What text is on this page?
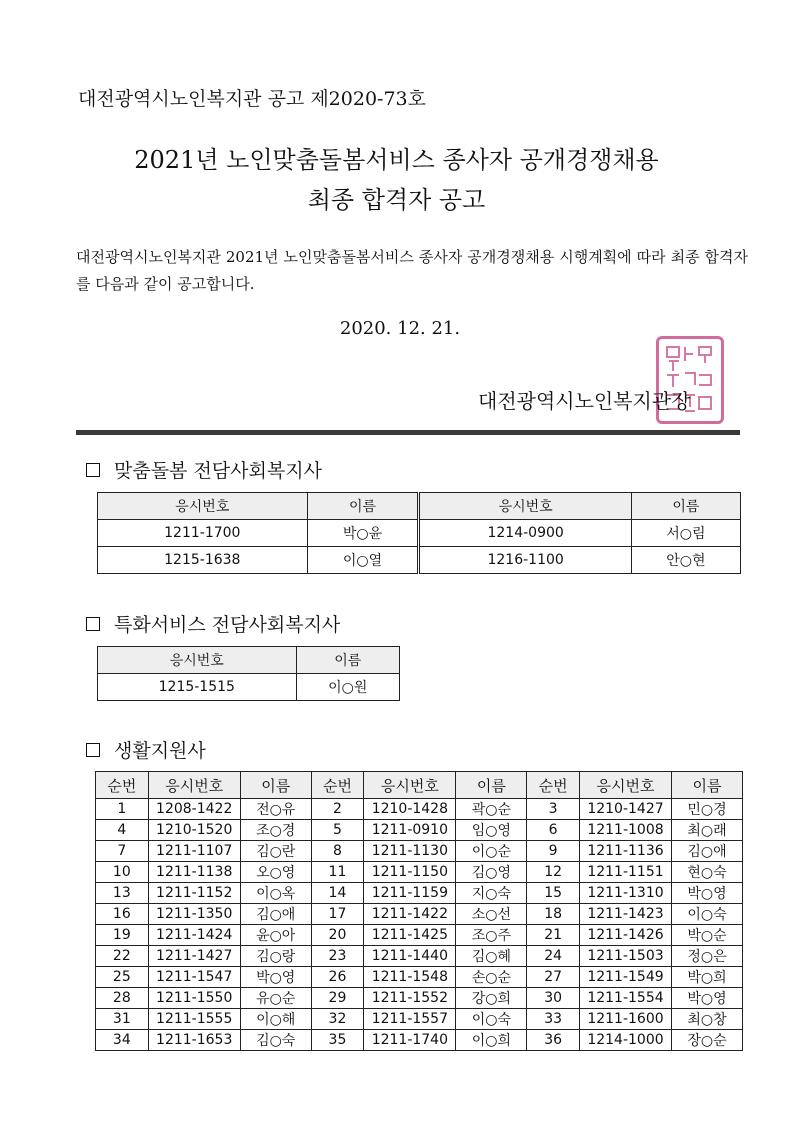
대전광역시노인복지관 공고 제2020-73호
2021년 노인맞춤돌봄서비스 종사자 공개경쟁채용
최종 합격자 공고
대전광역시노인복지관 2021년 노인맞춤돌봄서비스 종사자 공개경쟁채용 시행계획에 따라 최종 합격자를 다음과 같이 공고합니다.
2020. 12. 21.
대전광역시노인복지관장
맞춤돌봄 전담사회복지사
응시번호	이름	응시번호	이름
1211-1700	박○윤	1214-0900	서○림
1215-1638	이○열	1216-1100	안○현
특화서비스 전담사회복지사
응시번호	이름
1215-1515	이○원
생활지원사
순번	응시번호	이름	순번	응시번호	이름	순번	응시번호	이름
1	1208-1422	전○유	2	1210-1428	곽○순	3	1210-1427	민○경
4	1210-1520	조○경	5	1211-0910	임○영	6	1211-1008	최○래
7	1211-1107	김○란	8	1211-1130	이○순	9	1211-1136	김○애
10	1211-1138	오○영	11	1211-1150	김○영	12	1211-1151	현○숙
13	1211-1152	이○옥	14	1211-1159	지○숙	15	1211-1310	박○영
16	1211-1350	김○애	17	1211-1422	소○선	18	1211-1423	이○숙
19	1211-1424	윤○아	20	1211-1425	조○주	21	1211-1426	박○순
22	1211-1427	김○랑	23	1211-1440	김○혜	24	1211-1503	정○은
25	1211-1547	박○영	26	1211-1548	손○순	27	1211-1549	박○희
28	1211-1550	유○순	29	1211-1552	강○희	30	1211-1554	박○영
31	1211-1555	이○해	32	1211-1557	이○숙	33	1211-1600	최○창
34	1211-1653	김○숙	35	1211-1740	이○희	36	1214-1000	장○순
